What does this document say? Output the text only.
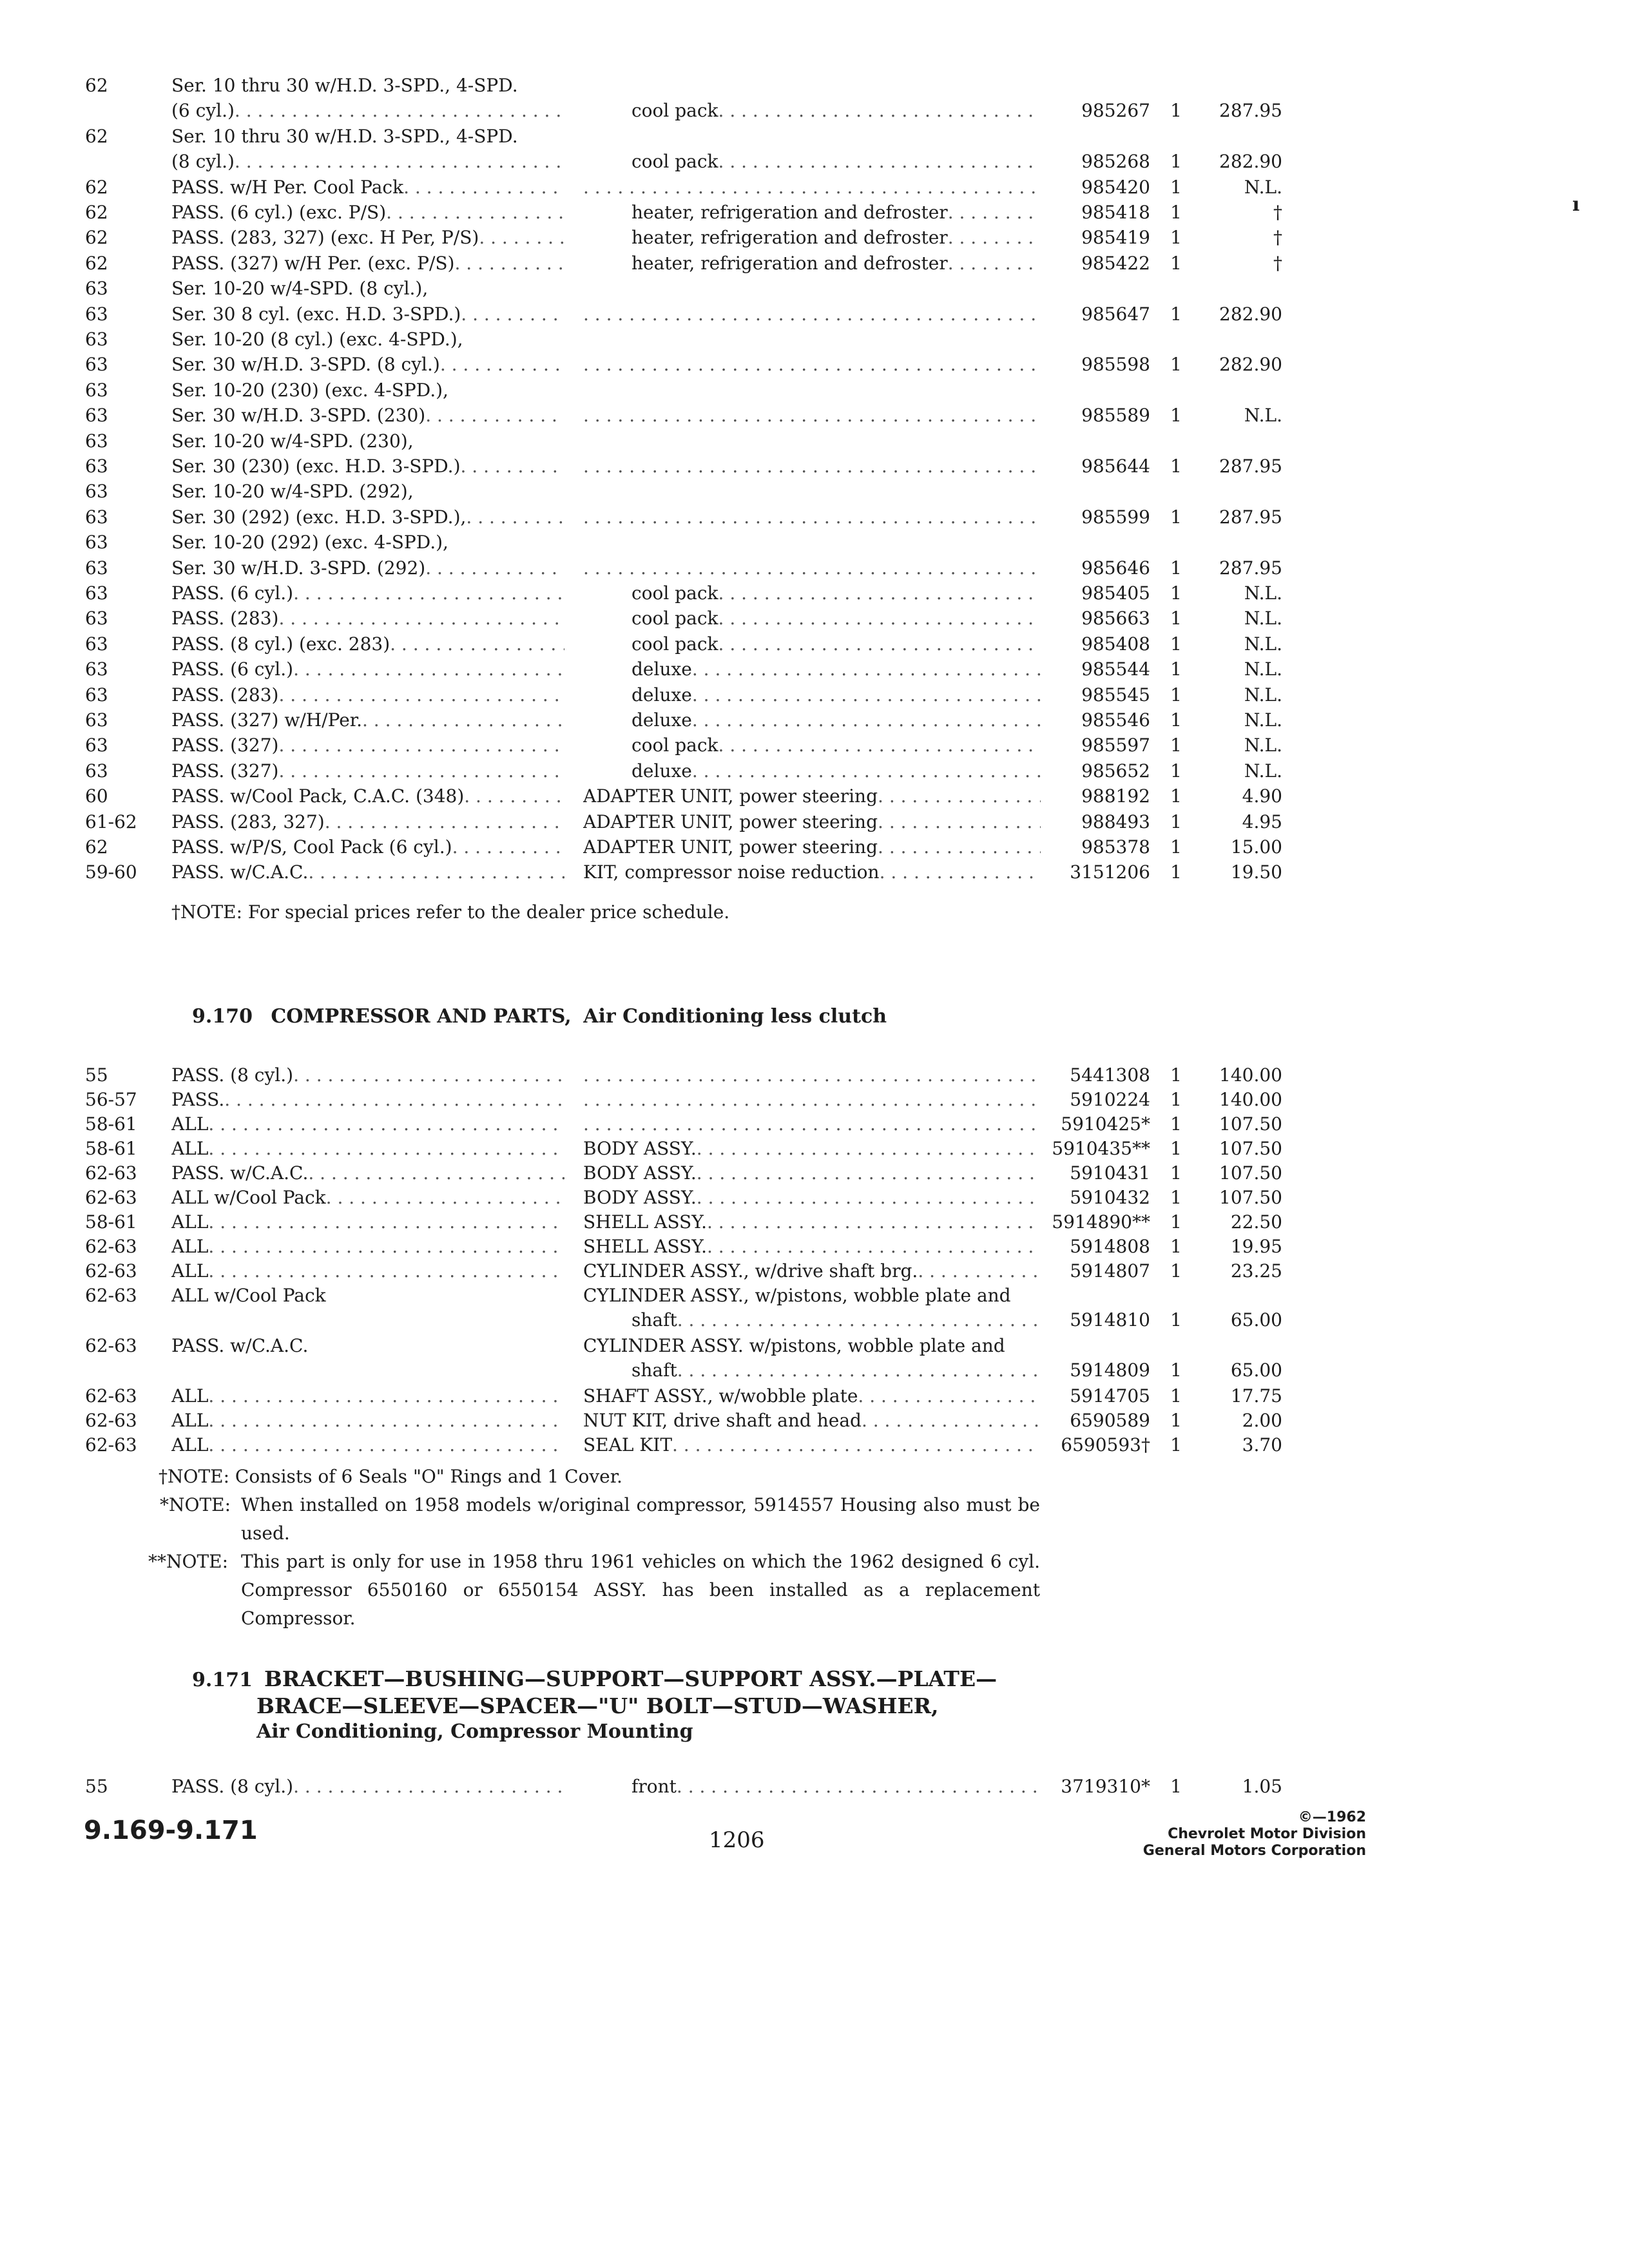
62	Ser. 10 thru 30 w/H.D. 3-SPD., 4-SPD.
(6 cyl.) . . .	cool pack . . .	985267 1	287.95
62	Ser. 10 thru 30 w/H.D. 3-SPD., 4-SPD.
(8 cyl.) . . .	cool pack . . .	985268 1	282.90
62	PASS. w/H Per. Cool Pack . . . . . .	985420 1	N.L.
62	PASS. (6 cyl.) (exc. P/S) . . .	heater, refrigeration and defroster . . .	985418 1	†
62	PASS. (283, 327) (exc. H Per, P/S) . . .	heater, refrigeration and defroster . . .	985419 1	†
62	PASS. (327) w/H Per. (exc. P/S) . . .	heater, refrigeration and defroster . . .	985422 1	†
63	Ser. 10-20 w/4-SPD. (8 cyl.),
63	Ser. 30 8 cyl. (exc. H.D. 3-SPD.) . . . . . .	985647 1	282.90
63	Ser. 10-20 (8 cyl.) (exc. 4-SPD.),
63	Ser. 30 w/H.D. 3-SPD. (8 cyl.) . . . . . .	985598 1	282.90
63	Ser. 10-20 (230) (exc. 4-SPD.),
63	Ser. 30 w/H.D. 3-SPD. (230) . . . . . .	985589 1	N.L.
63	Ser. 10-20 w/4-SPD. (230),
63	Ser. 30 (230) (exc. H.D. 3-SPD.) . . . . . .	985644 1	287.95
63	Ser. 10-20 w/4-SPD. (292),
63	Ser. 30 (292) (exc. H.D. 3-SPD.), . . . . . .	985599 1	287.95
63	Ser. 10-20 (292) (exc. 4-SPD.),
63	Ser. 30 w/H.D. 3-SPD. (292) . . . . . .	985646 1	287.95
63	PASS. (6 cyl.) . . .	cool pack . . .	985405 1	N.L.
63	PASS. (283) . . .	cool pack . . .	985663 1	N.L.
63	PASS. (8 cyl.) (exc. 283) . . .	cool pack . . .	985408 1	N.L.
63	PASS. (6 cyl.) . . .	deluxe . . .	985544 1	N.L.
63	PASS. (283) . . .	deluxe . . .	985545 1	N.L.
63	PASS. (327) w/H/Per. . . .	deluxe . . .	985546 1	N.L.
63	PASS. (327) . . .	cool pack . . .	985597 1	N.L.
63	PASS. (327) . . .	deluxe . . .	985652 1	N.L.
60	PASS. w/Cool Pack, C.A.C. (348) . . .	ADAPTER UNIT, power steering . . .	988192 1	4.90
61-62	PASS. (283, 327) . . .	ADAPTER UNIT, power steering . . .	988493 1	4.95
62	PASS. w/P/S, Cool Pack (6 cyl.) . . .	ADAPTER UNIT, power steering . . .	985378 1	15.00
59-60	PASS. w/C.A.C. . . .	KIT, compressor noise reduction . . .	3151206 1	19.50
†NOTE: For special prices refer to the dealer price schedule.
9.170 COMPRESSOR AND PARTS, Air Conditioning less clutch
55	PASS. (8 cyl.) . . . . . .	5441308 1	140.00
56-57	PASS. . . . . . .	5910224 1	140.00
58-61	ALL . . . . . .	5910425* 1	107.50
58-61	ALL . . .	BODY ASSY. . . .	5910435** 1	107.50
62-63	PASS. w/C.A.C. . . .	BODY ASSY. . . .	5910431 1	107.50
62-63	ALL w/Cool Pack . . .	BODY ASSY. . . .	5910432 1	107.50
58-61	ALL . . .	SHELL ASSY. . . .	5914890** 1	22.50
62-63	ALL . . .	SHELL ASSY. . . .	5914808 1	19.95
62-63	ALL . . .	CYLINDER ASSY., w/drive shaft brg. . . .	5914807 1	23.25
62-63	ALL w/Cool Pack	CYLINDER ASSY., w/pistons, wobble plate and
shaft . . .	5914810 1	65.00
62-63	PASS. w/C.A.C.	CYLINDER ASSY. w/pistons, wobble plate and
shaft . . .	5914809 1	65.00
62-63	ALL . . .	SHAFT ASSY., w/wobble plate . . .	5914705 1	17.75
62-63	ALL . . .	NUT KIT, drive shaft and head . . .	6590589 1	2.00
62-63	ALL . . .	SEAL KIT . . .	6590593† 1	3.70
†NOTE: Consists of 6 Seals "O" Rings and 1 Cover.
*NOTE: When installed on 1958 models w/original compressor, 5914557 Housing also must be used.
**NOTE: This part is only for use in 1958 thru 1961 vehicles on which the 1962 designed 6 cyl. Compressor 6550160 or 6550154 ASSY. has been installed as a replacement Compressor.
9.171 BRACKET—BUSHING—SUPPORT—SUPPORT ASSY.—PLATE—
BRACE—SLEEVE—SPACER—"U" BOLT—STUD—WASHER,
Air Conditioning, Compressor Mounting
55	PASS. (8 cyl.) . . .	front . . .	3719310* 1	1.05
9.169-9.171	1206
©—1962
Chevrolet Motor Division
General Motors Corporation
ı
